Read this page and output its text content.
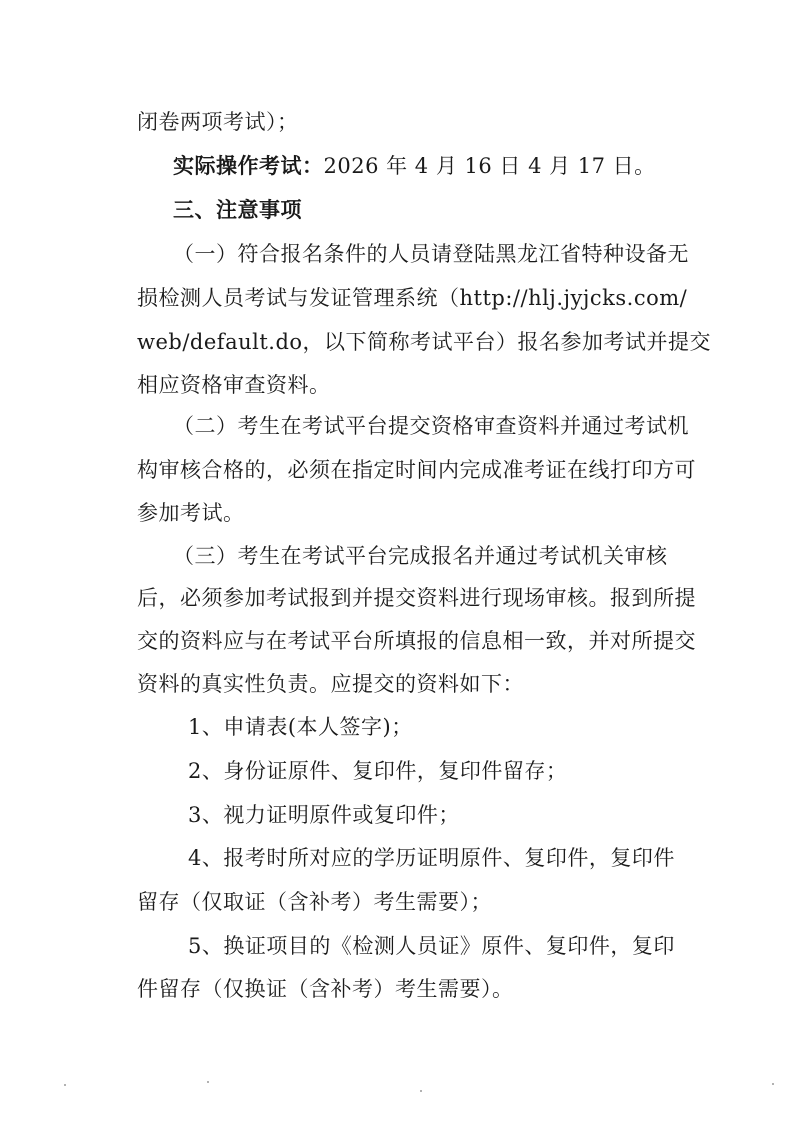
闭卷两项考试）；
实际操作考试：2026 年 4 月 16 日 4 月 17 日。
三、注意事项
（一）符合报名条件的人员请登陆黑龙江省特种设备无
损检测人员考试与发证管理系统（http://hlj.jyjcks.com/
web/default.do，以下简称考试平台）报名参加考试并提交
相应资格审查资料。
（二）考生在考试平台提交资格审查资料并通过考试机
构审核合格的，必须在指定时间内完成准考证在线打印方可
参加考试。
（三）考生在考试平台完成报名并通过考试机关审核
后，必须参加考试报到并提交资料进行现场审核。报到所提
交的资料应与在考试平台所填报的信息相一致，并对所提交
资料的真实性负责。应提交的资料如下：
1、申请表(本人签字)；
2、身份证原件、复印件，复印件留存；
3、视力证明原件或复印件；
4、报考时所对应的学历证明原件、复印件，复印件
留存（仅取证（含补考）考生需要）；
5、换证项目的《检测人员证》原件、复印件，复印
件留存（仅换证（含补考）考生需要）。
